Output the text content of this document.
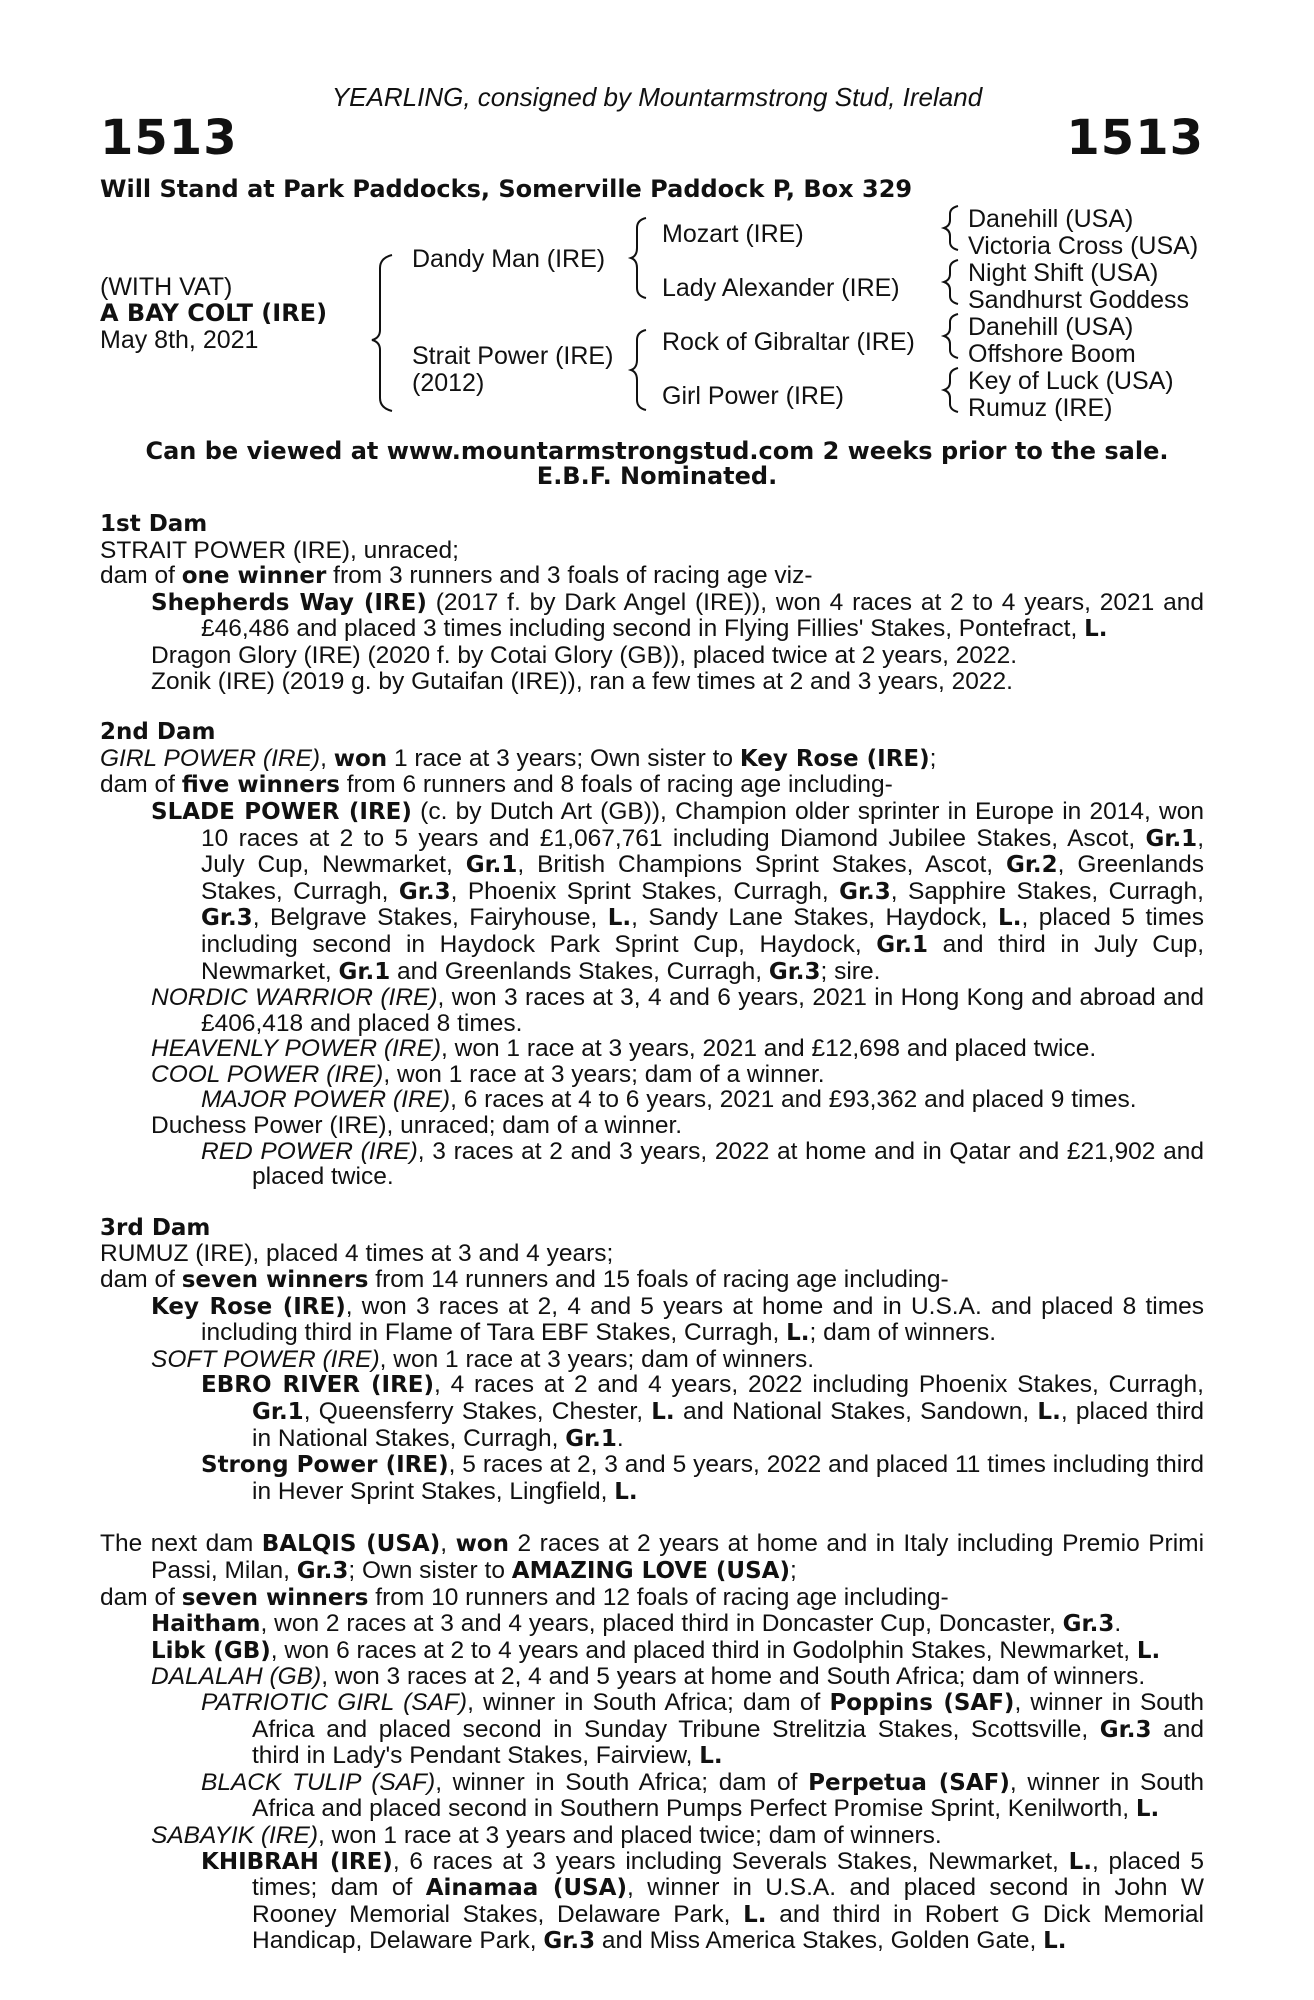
YEARLING, consigned by Mountarmstrong Stud, Ireland
1513	1513
Will Stand at Park Paddocks, Somerville Paddock P, Box 329
(WITH VAT)
A BAY COLT (IRE)
May 8th, 2021
Dandy Man (IRE)
Strait Power (IRE)
(2012)
Mozart (IRE)
Lady Alexander (IRE)
Rock of Gibraltar (IRE)
Girl Power (IRE)
Danehill (USA)
Victoria Cross (USA)
Night Shift (USA)
Sandhurst Goddess
Danehill (USA)
Offshore Boom
Key of Luck (USA)
Rumuz (IRE)
Can be viewed at www.mountarmstrongstud.com 2 weeks prior to the sale.
E.B.F. Nominated.

1st Dam

STRAIT POWER (IRE), unraced;

dam of one winner from 3 runners and 3 foals of racing age viz-

Shepherds Way (IRE) (2017 f. by Dark Angel (IRE)), won 4 races at 2 to 4 years, 2021 and £46,486 and placed 3 times including second in Flying Fillies' Stakes, Pontefract, L.

Dragon Glory (IRE) (2020 f. by Cotai Glory (GB)), placed twice at 2 years, 2022.

Zonik (IRE) (2019 g. by Gutaifan (IRE)), ran a few times at 2 and 3 years, 2022.

2nd Dam

GIRL POWER (IRE), won 1 race at 3 years; Own sister to Key Rose (IRE);

dam of five winners from 6 runners and 8 foals of racing age including-

SLADE POWER (IRE) (c. by Dutch Art (GB)), Champion older sprinter in Europe in 2014, won 10 races at 2 to 5 years and £1,067,761 including Diamond Jubilee Stakes, Ascot, Gr.1, July Cup, Newmarket, Gr.1, British Champions Sprint Stakes, Ascot, Gr.2, Greenlands Stakes, Curragh, Gr.3, Phoenix Sprint Stakes, Curragh, Gr.3, Sapphire Stakes, Curragh, Gr.3, Belgrave Stakes, Fairyhouse, L., Sandy Lane Stakes, Haydock, L., placed 5 times including second in Haydock Park Sprint Cup, Haydock, Gr.1 and third in July Cup, Newmarket, Gr.1 and Greenlands Stakes, Curragh, Gr.3; sire.

NORDIC WARRIOR (IRE), won 3 races at 3, 4 and 6 years, 2021 in Hong Kong and abroad and £406,418 and placed 8 times.

HEAVENLY POWER (IRE), won 1 race at 3 years, 2021 and £12,698 and placed twice.

COOL POWER (IRE), won 1 race at 3 years; dam of a winner.

MAJOR POWER (IRE), 6 races at 4 to 6 years, 2021 and £93,362 and placed 9 times.

Duchess Power (IRE), unraced; dam of a winner.

RED POWER (IRE), 3 races at 2 and 3 years, 2022 at home and in Qatar and £21,902 and placed twice.

3rd Dam

RUMUZ (IRE), placed 4 times at 3 and 4 years;

dam of seven winners from 14 runners and 15 foals of racing age including-

Key Rose (IRE), won 3 races at 2, 4 and 5 years at home and in U.S.A. and placed 8 times including third in Flame of Tara EBF Stakes, Curragh, L.; dam of winners.

SOFT POWER (IRE), won 1 race at 3 years; dam of winners.

EBRO RIVER (IRE), 4 races at 2 and 4 years, 2022 including Phoenix Stakes, Curragh, Gr.1, Queensferry Stakes, Chester, L. and National Stakes, Sandown, L., placed third in National Stakes, Curragh, Gr.1.

Strong Power (IRE), 5 races at 2, 3 and 5 years, 2022 and placed 11 times including third in Hever Sprint Stakes, Lingfield, L.

The next dam BALQIS (USA), won 2 races at 2 years at home and in Italy including Premio Primi Passi, Milan, Gr.3; Own sister to AMAZING LOVE (USA);

dam of seven winners from 10 runners and 12 foals of racing age including-

Haitham, won 2 races at 3 and 4 years, placed third in Doncaster Cup, Doncaster, Gr.3.

Libk (GB), won 6 races at 2 to 4 years and placed third in Godolphin Stakes, Newmarket, L.

DALALAH (GB), won 3 races at 2, 4 and 5 years at home and South Africa; dam of winners.

PATRIOTIC GIRL (SAF), winner in South Africa; dam of Poppins (SAF), winner in South Africa and placed second in Sunday Tribune Strelitzia Stakes, Scottsville, Gr.3 and third in Lady's Pendant Stakes, Fairview, L.

BLACK TULIP (SAF), winner in South Africa; dam of Perpetua (SAF), winner in South Africa and placed second in Southern Pumps Perfect Promise Sprint, Kenilworth, L.

SABAYIK (IRE), won 1 race at 3 years and placed twice; dam of winners.

KHIBRAH (IRE), 6 races at 3 years including Severals Stakes, Newmarket, L., placed 5 times; dam of Ainamaa (USA), winner in U.S.A. and placed second in John W Rooney Memorial Stakes, Delaware Park, L. and third in Robert G Dick Memorial Handicap, Delaware Park, Gr.3 and Miss America Stakes, Golden Gate, L.
